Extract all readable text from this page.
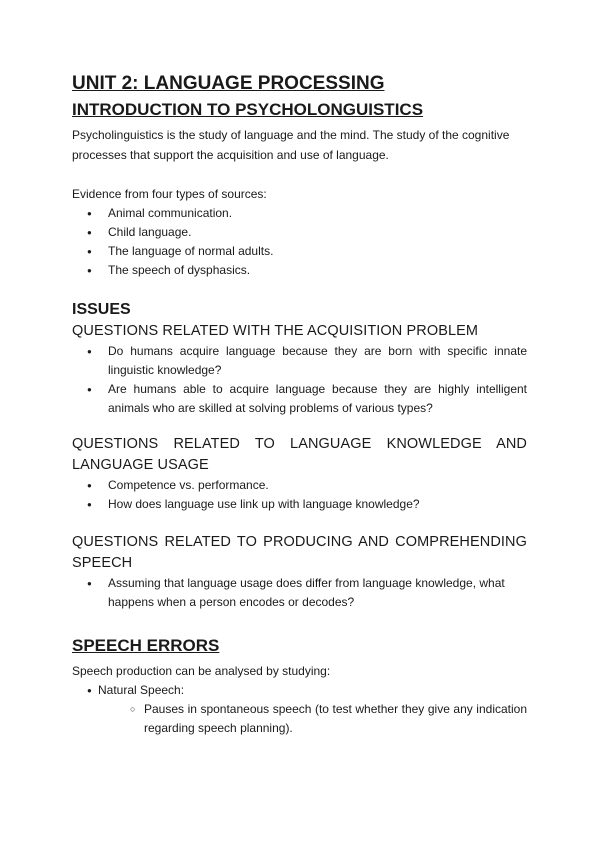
UNIT 2: LANGUAGE PROCESSING
INTRODUCTION TO PSYCHOLONGUISTICS

Psycholinguistics is the study of language and the mind. The study of the cognitive processes that support the acquisition and use of language.

Evidence from four types of sources:

● Animal communication.
● Child language.
● The language of normal adults.
● The speech of dysphasics.
ISSUES
QUESTIONS RELATED WITH THE ACQUISITION PROBLEM
● Do humans acquire language because they are born with specific innate linguistic knowledge?
● Are humans able to acquire language because they are highly intelligent animals who are skilled at solving problems of various types?
QUESTIONS RELATED TO LANGUAGE KNOWLEDGE AND
LANGUAGE USAGE
● Competence vs. performance.
● How does language use link up with language knowledge?
QUESTIONS RELATED TO PRODUCING AND COMPREHENDING
SPEECH
● Assuming that language usage does differ from language knowledge, what happens when a person encodes or decodes?
SPEECH ERRORS

Speech production can be analysed by studying:

● Natural Speech:
○ Pauses in spontaneous speech (to test whether they give any indication regarding speech planning).
